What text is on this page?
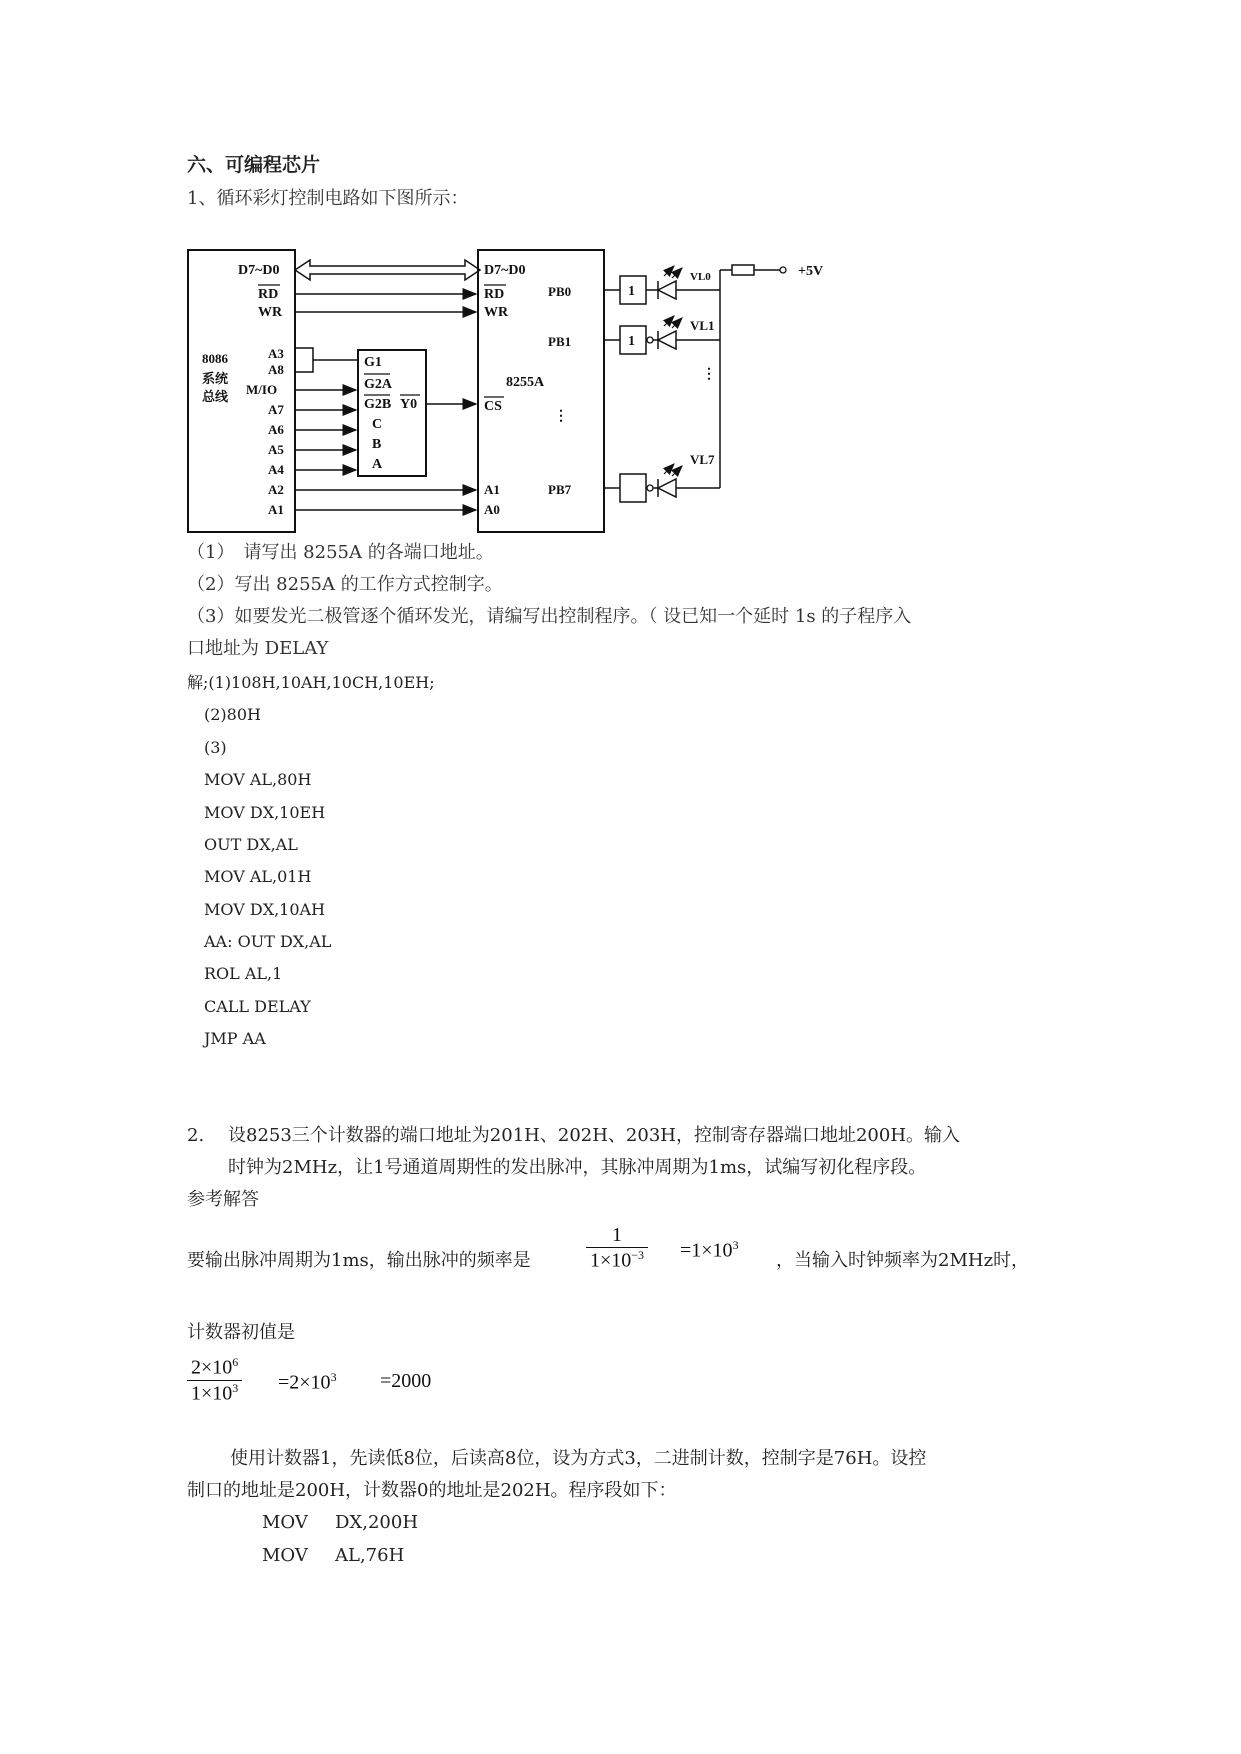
六、可编程芯片
1、循环彩灯控制电路如下图所示：
D7~D0
RD
WR
8086
系统
总线
A3
A8
M/IO
A7
A6
A5
A4
A2
A1
G1
G2A
G2B
C
B
A
Y0
D7~D0
RD
WR
8255A
CS
⋮
A1
A0
PB0
PB1
PB7
1
1
VL0
VL1
VL7
+5V
⋮
（1）　请写出 8255A 的各端口地址。
（2）写出 8255A 的工作方式控制字。
（3）如要发光二极管逐个循环发光，请编写出控制程序。（ 设已知一个延时 1s 的子程序入
口地址为 DELAY
解;(1)108H,10AH,10CH,10EH;
(2)80H
(3)
MOV AL,80H
MOV DX,10EH
OUT DX,AL
MOV AL,01H
MOV DX,10AH
AA: OUT DX,AL
ROL AL,1
CALL DELAY
JMP AA
2. 设8253三个计数器的端口地址为201H、202H、203H，控制寄存器端口地址200H。输入
时钟为2MHz，让1号通道周期性的发出脉冲，其脉冲周期为1ms，试编写初化程序段。
参考解答
要输出脉冲周期为1ms，输出脉冲的频率是	$\frac{1}{1\times 10^{-3}} =1\times 10^3$
，当输入时钟频率为2MHz时，
计数器初值是
$\frac{2\times 10^6}{1\times 10^3} =2\times 10^3 =2000$
使用计数器1，先读低8位，后读高8位，设为方式3，二进制计数，控制字是76H。设控
制口的地址是200H，计数器0的地址是202H。程序段如下：
MOV DX,200H
MOV AL,76H
